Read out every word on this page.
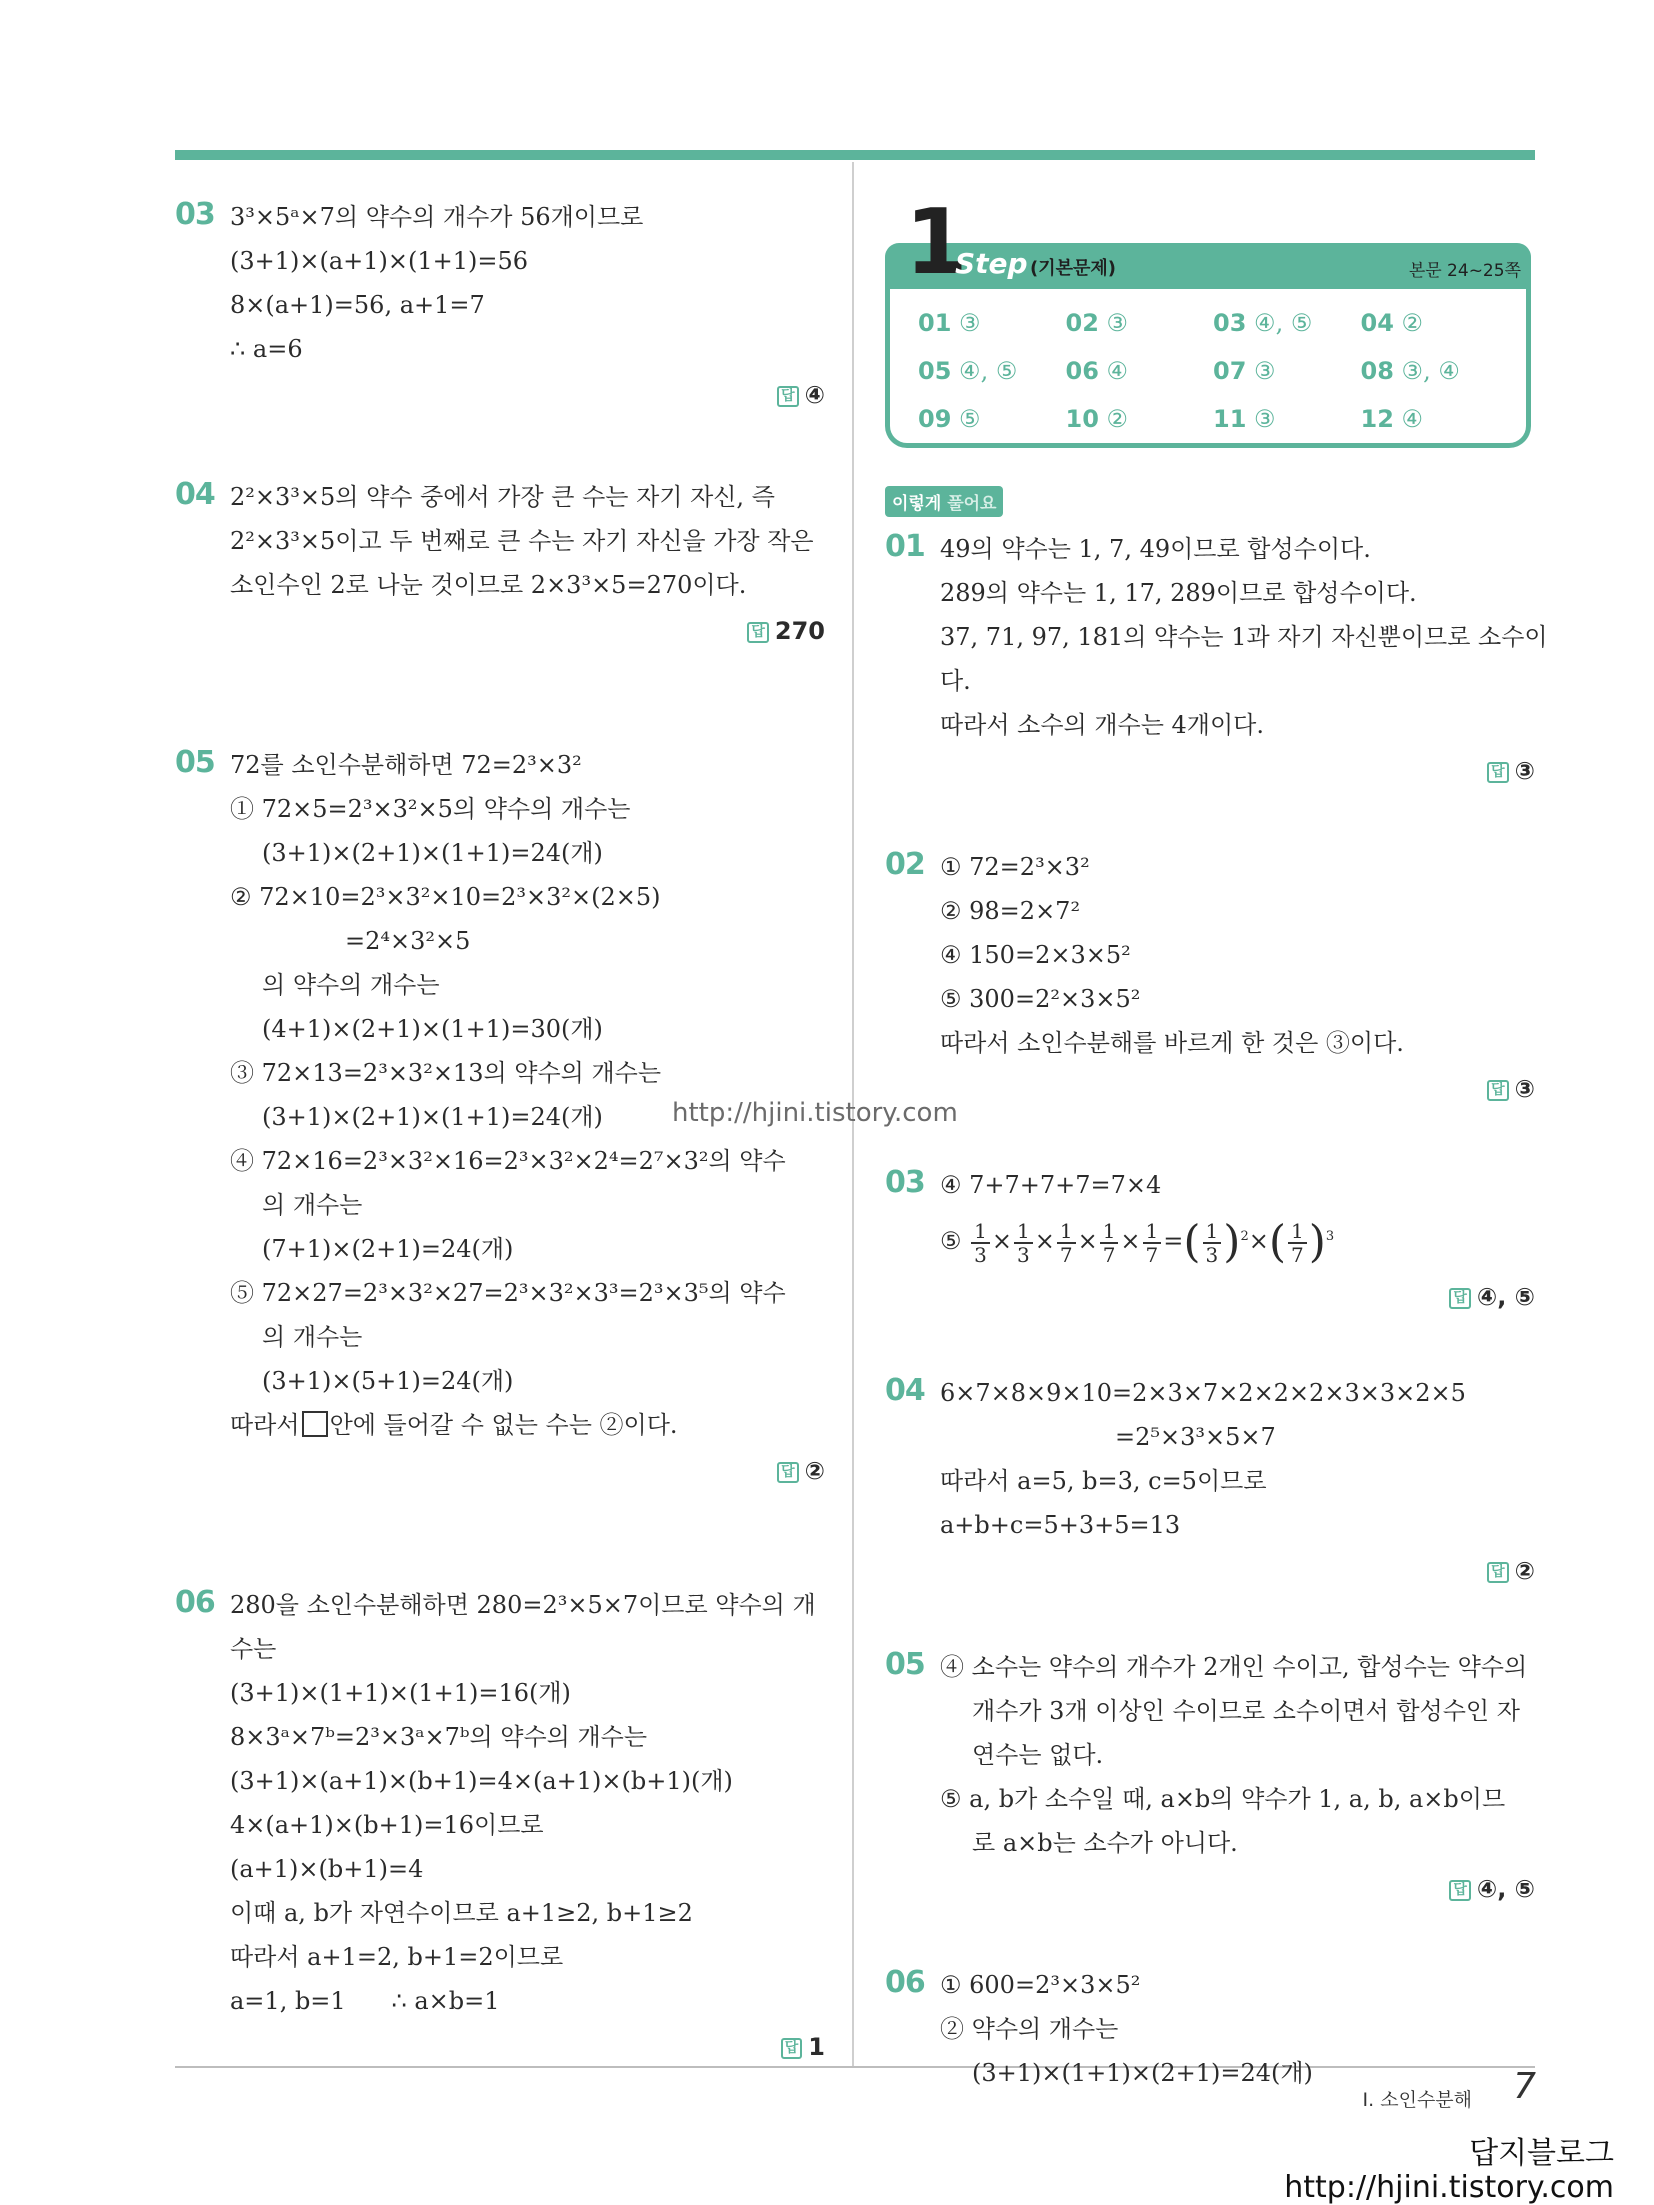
03 3³×5ᵃ×7의 약수의 개수가 56개이므로
(3+1)×(a+1)×(1+1)=56
8×(a+1)=56, a+1=7
∴ a=6
답 ④
04 2²×3³×5의 약수 중에서 가장 큰 수는 자기 자신, 즉
2²×3³×5이고 두 번째로 큰 수는 자기 자신을 가장 작은
소인수인 2로 나눈 것이므로 2×3³×5=270이다.
답 270
05 72를 소인수분해하면 72=2³×3²
① 72×5=2³×3²×5의 약수의 개수는
(3+1)×(2+1)×(1+1)=24(개)
② 72×10=2³×3²×10=2³×3²×(2×5)
=2⁴×3²×5
의 약수의 개수는
(4+1)×(2+1)×(1+1)=30(개)
③ 72×13=2³×3²×13의 약수의 개수는
(3+1)×(2+1)×(1+1)=24(개)
④ 72×16=2³×3²×16=2³×3²×2⁴=2⁷×3²의 약수
의 개수는
(7+1)×(2+1)=24(개)
⑤ 72×27=2³×3²×27=2³×3²×3³=2³×3⁵의 약수
의 개수는
(3+1)×(5+1)=24(개)
따라서 안에 들어갈 수 없는 수는 ②이다.
답 ②
06 280을 소인수분해하면 280=2³×5×7이므로 약수의 개
수는
(3+1)×(1+1)×(1+1)=16(개)
8×3ᵃ×7ᵇ=2³×3ᵃ×7ᵇ의 약수의 개수는
(3+1)×(a+1)×(b+1)=4×(a+1)×(b+1)(개)
4×(a+1)×(b+1)=16이므로
(a+1)×(b+1)=4
이때 a, b가 자연수이므로 a+1≥2, b+1≥2
따라서 a+1=2, b+1=2이므로
a=1, b=1      ∴ a×b=1
답 1
1
Step (기본문제)	본문 24~25쪽
01 ③	02 ③	03 ④, ⑤	04 ②
05 ④, ⑤	06 ④	07 ③	08 ③, ④
09 ⑤	10 ②	11 ③	12 ④
이렇게 풀어요
01 49의 약수는 1, 7, 49이므로 합성수이다.
289의 약수는 1, 17, 289이므로 합성수이다.
37, 71, 97, 181의 약수는 1과 자기 자신뿐이므로 소수이
다.
따라서 소수의 개수는 4개이다.
답 ③
02 ① 72=2³×3²
② 98=2×7²
④ 150=2×3×5²
⑤ 300=2²×3×5²
따라서 소인수분해를 바르게 한 것은 ③이다.
답 ③
03 ④ 7+7+7+7=7×4
⑤ $\frac{1}{3} \times \frac{1}{3} \times \frac{1}{7} \times \frac{1}{7} \times \frac{1}{7}$ =( $\frac{1}{3} )^2\times( \frac{1}{7} )^3$
답 ④, ⑤
04 6×7×8×9×10=2×3×7×2×2×2×3×3×2×5
=2⁵×3³×5×7
따라서 a=5, b=3, c=5이므로
a+b+c=5+3+5=13
답 ②
05 ④ 소수는 약수의 개수가 2개인 수이고, 합성수는 약수의
개수가 3개 이상인 수이므로 소수이면서 합성수인 자
연수는 없다.
⑤ a, b가 소수일 때, a×b의 약수가 1, a, b, a×b이므
로 a×b는 소수가 아니다.
답 ④, ⑤
06 ① 600=2³×3×5²
② 약수의 개수는
(3+1)×(1+1)×(2+1)=24(개)
http://hjini.tistory.com
Ⅰ. 소인수분해 7
답지블로그
http://hjini.tistory.com
